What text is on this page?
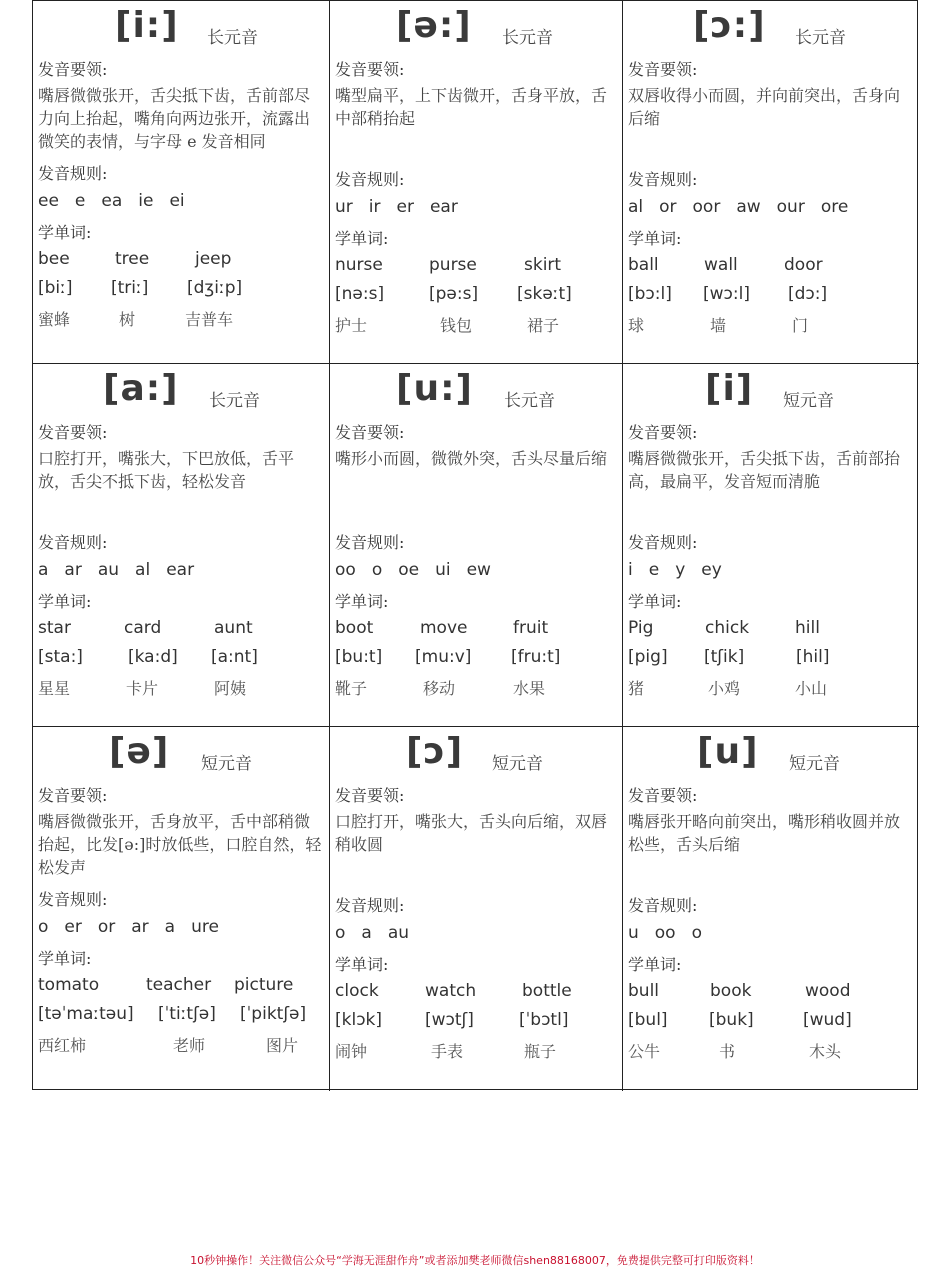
[i:] 长元音
发音要领:
嘴唇微微张开，舌尖抵下齿，舌前部尽力向上抬起，嘴角向两边张开，流露出微笑的表情，与字母 e 发音相同
发音规则:
ee e ea ie ei
学单词:
bee	tree	jeep
[biː] [triː] [dʒiːp]
蜜蜂	树	吉普车
[ə:] 长元音
发音要领:
嘴型扁平，上下齿微开，舌身平放，舌中部稍抬起
发音规则:
ur ir er ear
学单词:
nurse	purse	skirt
[nə:s]	[pə:s] [skəːt]
护士	钱包	裙子
[ɔ:] 长元音
发音要领:
双唇收得小而圆，并向前突出，舌身向后缩
发音规则:
al or oor aw our ore
学单词:
ball	wall	door
[bɔ:l] [wɔ:l] [dɔ:]
球	墙	门
[a:] 长元音
发音要领:
口腔打开，嘴张大，下巴放低，舌平放，舌尖不抵下齿，轻松发音
发音规则:
a ar au al ear
学单词:
star	card	aunt
[sta:]	[ka:d] [a:nt]
星星	卡片	阿姨
[u:] 长元音
发音要领:
嘴形小而圆，微微外突，舌头尽量后缩
发音规则:
oo o oe ui ew
学单词:
boot	move	fruit
[bu:t] [mu:v] [fru:t]
靴子	移动	水果
[i] 短元音
发音要领:
嘴唇微微张开，舌尖抵下齿，舌前部抬高，最扁平，发音短而清脆
发音规则:
i e y ey
学单词:
Pig	chick	hill
[pig] [tʃik]	[hil]
猪	小鸡	小山
[ə] 短元音
发音要领:
嘴唇微微张开，舌身放平，舌中部稍微抬起，比发[ə:]时放低些，口腔自然，轻松发声
发音规则:
o er or ar a ure
学单词:
tomato	teacher picture
[təˈmaːtəu] [ˈtiːtʃə] [ˈpiktʃə]
西红柿	老师	图片
[ɔ] 短元音
发音要领:
口腔打开，嘴张大，舌头向后缩，双唇稍收圆
发音规则:
o a au
学单词:
clock	watch	bottle
[klɔk]	[wɔtʃ]	[ˈbɔtl]
闹钟	手表	瓶子
[u] 短元音
发音要领:
嘴唇张开略向前突出，嘴形稍收圆并放松些，舌头后缩
发音规则:
u oo o
学单词:
bull	book	wood
[bul] [buk]	[wud]
公牛	书	木头
10秒钟操作！关注微信公众号“学海无涯甜作舟”或者添加樊老师微信shen88168007，免费提供完整可打印版资料！
